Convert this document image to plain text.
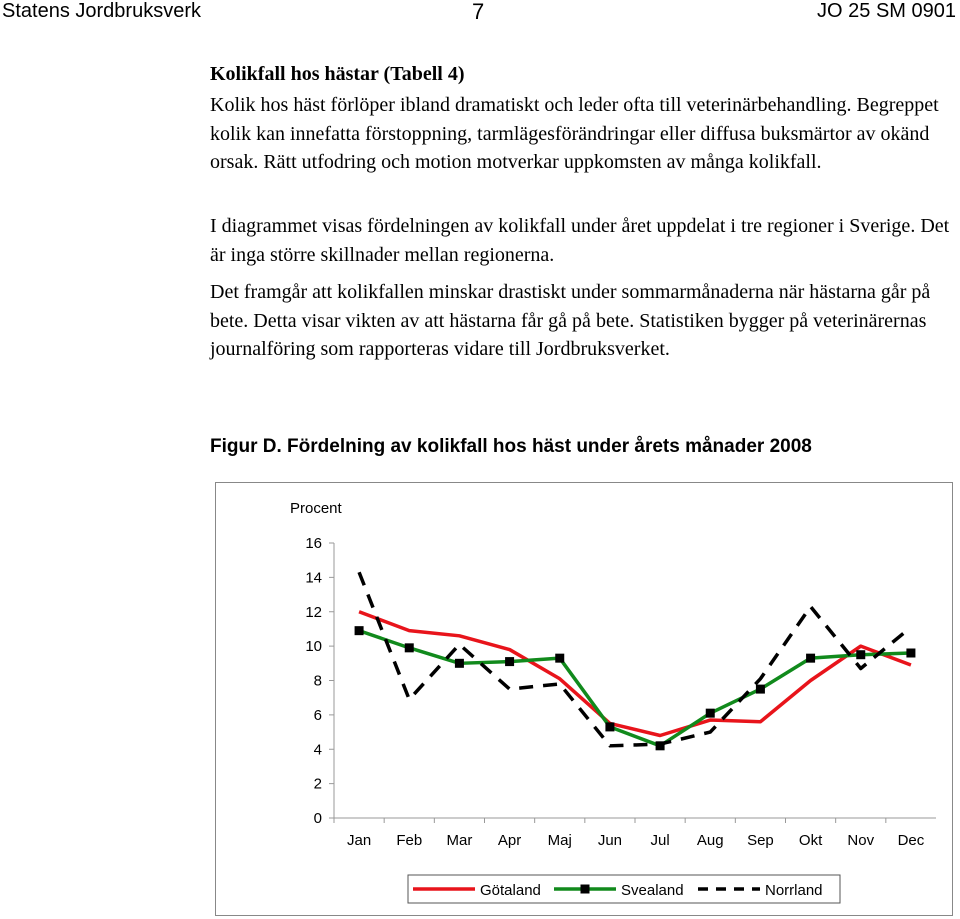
Statens Jordbruksverk	7	JO 25 SM 0901
Kolikfall hos hästar (Tabell 4)

Kolik hos häst förlöper ibland dramatiskt och leder ofta till veterinärbehandling. Begreppet kolik kan innefatta förstoppning, tarmlägesförändringar eller diffusa buksmärtor av okänd orsak. Rätt utfodring och motion motverkar uppkomsten av många kolikfall.

I diagrammet visas fördelningen av kolikfall under året uppdelat i tre regioner i Sverige. Det är inga större skillnader mellan regionerna.

Det framgår att kolikfallen minskar drastiskt under sommarmånaderna när hästarna går på bete. Detta visar vikten av att hästarna får gå på bete. Statistiken bygger på veterinärernas journalföring som rapporteras vidare till Jordbruksverket.

Figur D. Fördelning av kolikfall hos häst under årets månader 2008
Procent
0
2
4
6
8
10
12
14
16
Jan Feb Mar Apr Maj Jun Jul Aug Sep Okt Nov Dec
Götaland	Svealand	Norrland
